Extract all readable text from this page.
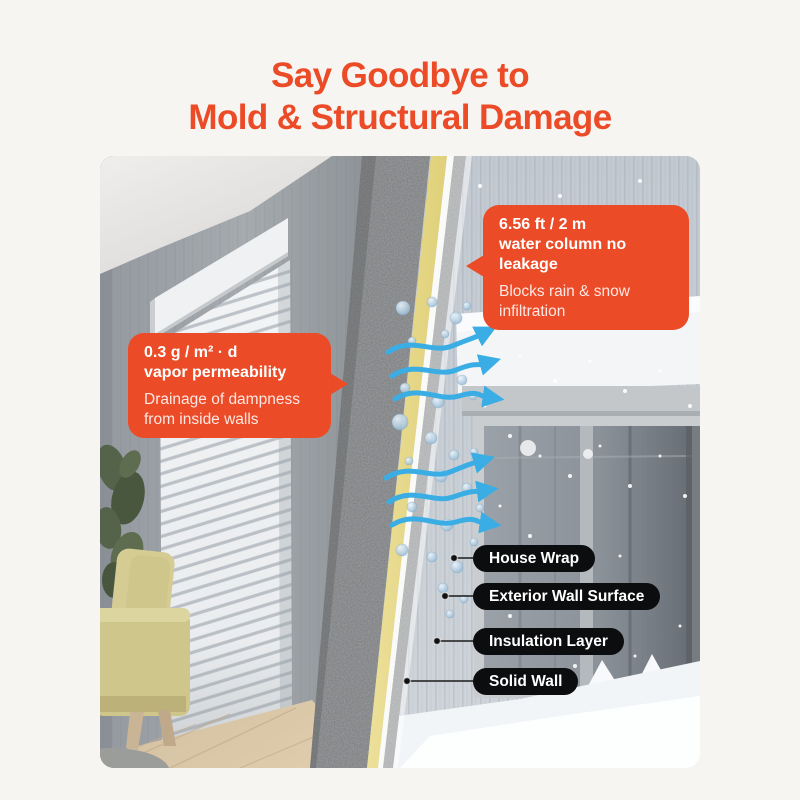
Say Goodbye to
Mold & Structural Damage
6.56 ft / 2 m
water column no leakage
Blocks rain & snow
infiltration
0.3 g / m² · d
vapor permeability
Drainage of dampness
from inside walls
House Wrap
Exterior Wall Surface
Insulation Layer
Solid Wall
